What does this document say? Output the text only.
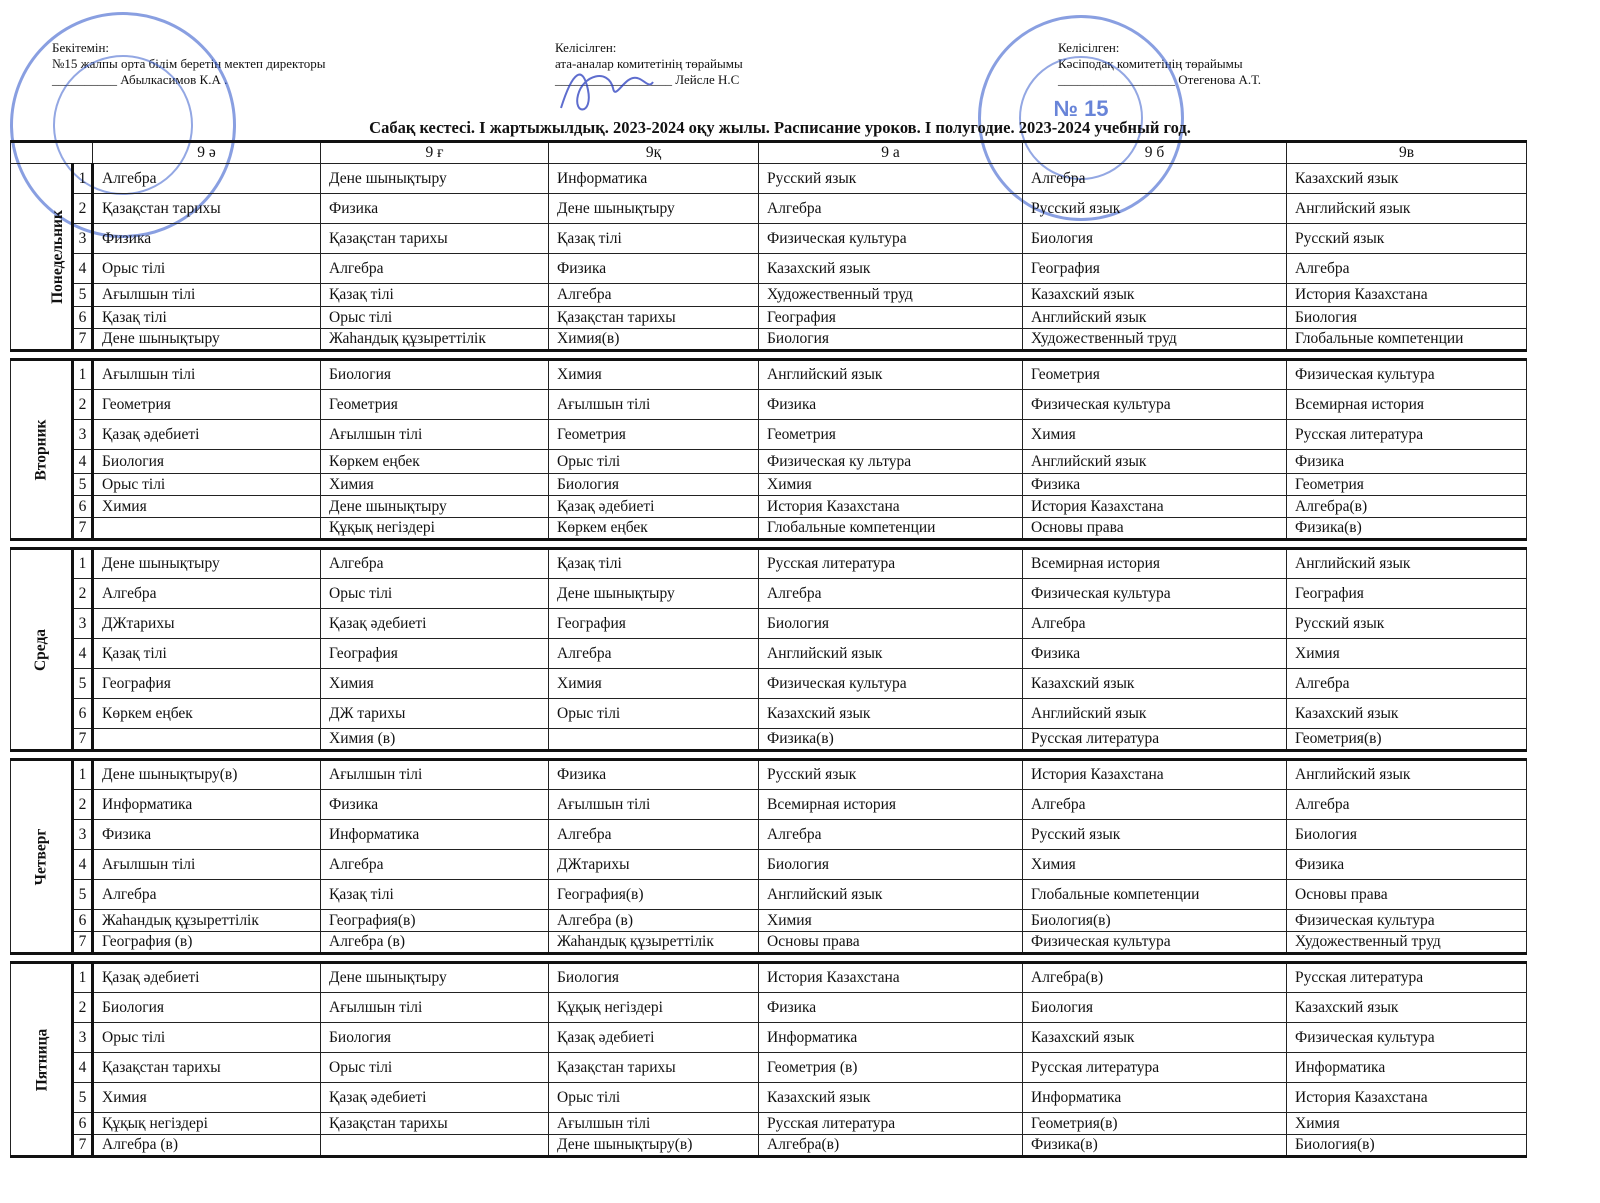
Бекітемін:
№15 жалпы орта білім беретін мектеп директоры
__________ Абылкасимов К.А .
Келісілген:
ата-аналар комитетінің төрайымы
__________________ Лейсле Н.С
Келісілген:
Кәсіподақ комитетінің төрайымы
__________________ Отегенова А.Т.
№ 15
Сабақ кестесі. І жартыжылдық. 2023-2024 оқу жылы. Расписание уроков. І полугодие. 2023-2024 учебный год.
		9 ә	9 ғ	9қ	9 а	9 б	9в
Понедельник	1	Алгебра	Дене шынықтыру	Информатика	Русский язык	Алгебра	Казахский язык
	2	Қазақстан тарихы	Физика	Дене шынықтыру	Алгебра	Русский язык	Английский язык
	3	Физика	Қазақстан тарихы	Қазақ тілі	Физическая культура	Биология	Русский язык
	4	Орыс тілі	Алгебра	Физика	Казахский язык	География	Алгебра
	5	Ағылшын тілі	Қазақ тілі	Алгебра	Художественный труд	Казахский язык	История Казахстана
	6	Қазақ тілі	Орыс тілі	Қазақстан тарихы	География	Английский язык	Биология
	7	Дене шынықтыру	Жаһандық құзыреттілік	Химия(в)	Биология	Художественный труд	Глобальные компетенции
Вторник	1	Ағылшын тілі	Биология	Химия	Английский язык	Геометрия	Физическая культура
	2	Геометрия	Геометрия	Ағылшын тілі	Физика	Физическая культура	Всемирная история
	3	Қазақ әдебиеті	Ағылшын тілі	Геометрия	Геометрия	Химия	Русская литература
	4	Биология	Көркем еңбек	Орыс тілі	Физическая ку льтура	Английский язык	Физика
	5	Орыс тілі	Химия	Биология	Химия	Физика	Геометрия
	6	Химия	Дене шынықтыру	Қазақ әдебиеті	История Казахстана	История Казахстана	Алгебра(в)
	7		Құқық негіздері	Көркем еңбек	Глобальные компетенции	Основы права	Физика(в)
Среда	1	Дене шынықтыру	Алгебра	Қазақ тілі	Русская литература	Всемирная история	Английский язык
	2	Алгебра	Орыс тілі	Дене шынықтыру	Алгебра	Физическая культура	География
	3	ДЖтарихы	Қазақ әдебиеті	География	Биология	Алгебра	Русский язык
	4	Қазақ тілі	География	Алгебра	Английский язык	Физика	Химия
	5	География	Химия	Химия	Физическая культура	Казахский язык	Алгебра
	6	Көркем еңбек	ДЖ тарихы	Орыс тілі	Казахский язык	Английский язык	Казахский язык
	7		Химия (в)		Физика(в)	Русская литература	Геометрия(в)
Четверг	1	Дене шынықтыру(в)	Ағылшын тілі	Физика	Русский язык	История Казахстана	Английский язык
	2	Информатика	Физика	Ағылшын тілі	Всемирная история	Алгебра	Алгебра
	3	Физика	Информатика	Алгебра	Алгебра	Русский язык	Биология
	4	Ағылшын тілі	Алгебра	ДЖтарихы	Биология	Химия	Физика
	5	Алгебра	Қазақ тілі	География(в)	Английский язык	Глобальные компетенции	Основы права
	6	Жаһандық құзыреттілік	География(в)	Алгебра (в)	Химия	Биология(в)	Физическая культура
	7	География (в)	Алгебра (в)	Жаһандық құзыреттілік	Основы права	Физическая культура	Художественный труд
Пятница	1	Қазақ әдебиеті	Дене шынықтыру	Биология	История Казахстана	Алгебра(в)	Русская литература
	2	Биология	Ағылшын тілі	Құқық негіздері	Физика	Биология	Казахский язык
	3	Орыс тілі	Биология	Қазақ әдебиеті	Информатика	Казахский язык	Физическая культура
	4	Қазақстан тарихы	Орыс тілі	Қазақстан тарихы	Геометрия (в)	Русская литература	Информатика
	5	Химия	Қазақ әдебиеті	Орыс тілі	Казахский язык	Информатика	История Казахстана
	6	Құқық негіздері	Қазақстан тарихы	Ағылшын тілі	Русская литература	Геометрия(в)	Химия
	7	Алгебра (в)		Дене шынықтыру(в)	Алгебра(в)	Физика(в)	Биология(в)
